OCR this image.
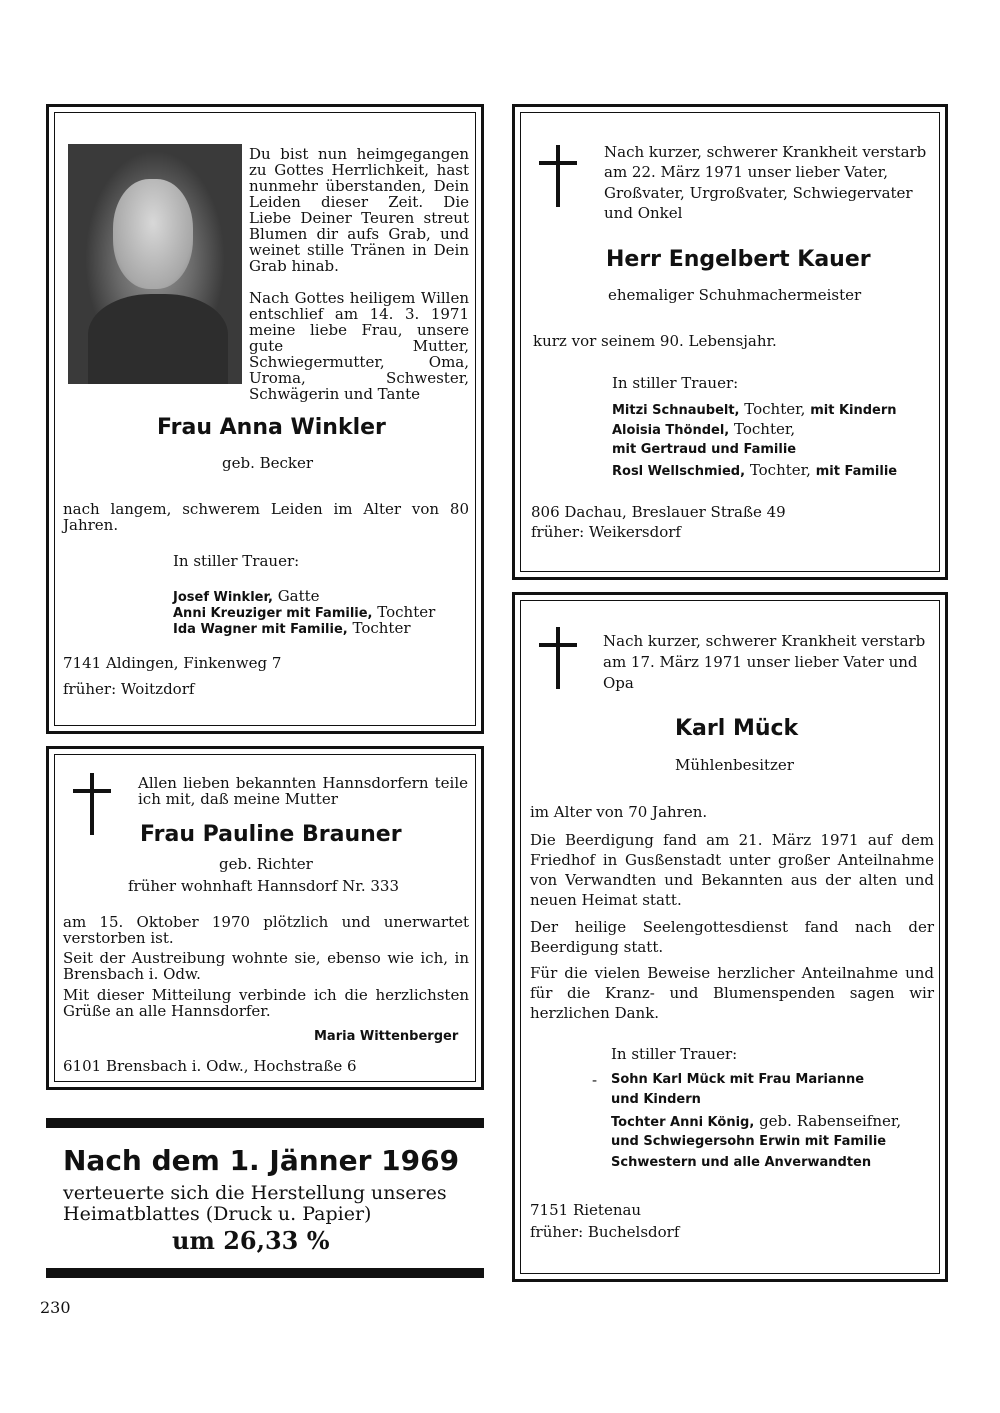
Du bist nun heimgegangen zu Gottes Herrlichkeit, hast nunmehr überstanden, Dein Leiden dieser Zeit. Die Liebe Deiner Teuren streut Blumen dir aufs Grab, und weinet stille Tränen in Dein Grab hinab.
Nach Gottes heiligem Willen entschlief am 14. 3. 1971 meine liebe Frau, unsere gute Mutter, Schwiegermutter, Oma, Uroma, Schwester, Schwägerin und Tante
Frau Anna Winkler
geb. Becker
nach langem, schwerem Leiden im Alter von 80 Jahren.
In stiller Trauer:
Josef Winkler, Gatte
Anni Kreuziger mit Familie, Tochter
Ida Wagner mit Familie, Tochter
7141 Aldingen, Finkenweg 7
früher: Woitzdorf
Nach kurzer, schwerer Krankheit verstarb
am 22. März 1971 unser lieber Vater,
Großvater, Urgroßvater, Schwiegervater
und Onkel
Herr Engelbert Kauer
ehemaliger Schuhmachermeister
kurz vor seinem 90. Lebensjahr.
In stiller Trauer:
Mitzi Schnaubelt, Tochter, mit Kindern
Aloisia Thöndel, Tochter,
mit Gertraud und Familie
Rosl Wellschmied, Tochter, mit Familie
806 Dachau, Breslauer Straße 49
früher: Weikersdorf
Allen lieben bekannten Hannsdorfern teile ich mit, daß meine Mutter
Frau Pauline Brauner
geb. Richter
früher wohnhaft Hannsdorf Nr. 333
am 15. Oktober 1970 plötzlich und unerwartet verstorben ist.
Seit der Austreibung wohnte sie, ebenso wie ich, in Brensbach i. Odw.
Mit dieser Mitteilung verbinde ich die herzlichsten Grüße an alle Hannsdorfer.
Maria Wittenberger
6101 Brensbach i. Odw., Hochstraße 6
Nach kurzer, schwerer Krankheit verstarb
am 17. März 1971 unser lieber Vater und
Opa
Karl Mück
Mühlenbesitzer
im Alter von 70 Jahren.
Die Beerdigung fand am 21. März 1971 auf dem Friedhof in Gusßenstadt unter großer Anteilnahme von Verwandten und Bekannten aus der alten und neuen Heimat statt.
Der heilige Seelengottesdienst fand nach der Beerdigung statt.
Für die vielen Beweise herzlicher Anteilnahme und für die Kranz- und Blumenspenden sagen wir herzlichen Dank.
In stiller Trauer:
- Sohn Karl Mück mit Frau Marianne
und Kindern
Tochter Anni König, geb. Rabenseifner,
und Schwiegersohn Erwin mit Familie
Schwestern und alle Anverwandten
7151 Rietenau
früher: Buchelsdorf
Nach dem 1. Jänner 1969
verteuerte sich die Herstellung unseres
Heimatblattes (Druck u. Papier)
um 26,33 %
230
